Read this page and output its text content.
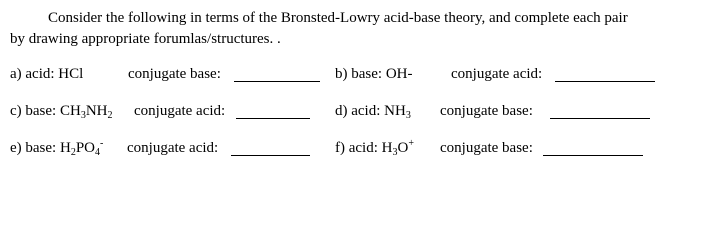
Consider the following in terms of the Bronsted-Lowry acid-base theory, and complete each pair
by drawing appropriate forumlas/structures. .

a) acid: HCl	conjugate base:	b) base: OH-	conjugate acid:
c) base: $CH_3NH_2$ conjugate acid:	d) acid: $NH_3$ conjugate base:
e) base: $H_2PO_4^-$ conjugate acid:	f) acid: $H_3O^+$ conjugate base:
